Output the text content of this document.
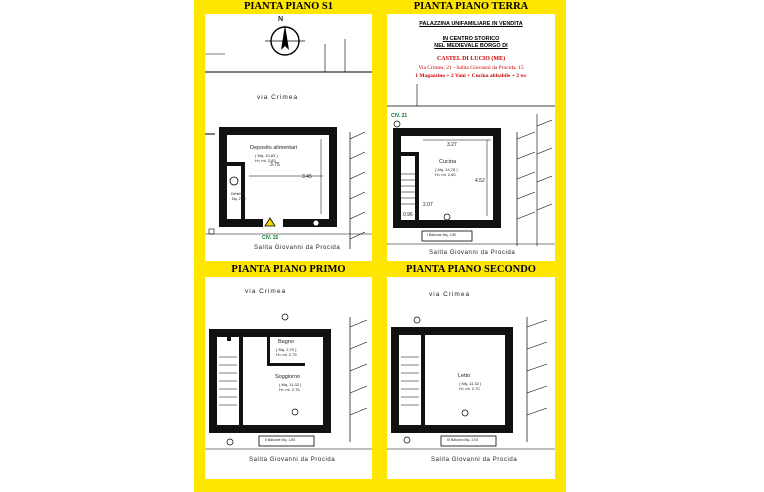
PIANTA PIANO S1
N
via Crimea
Deposito alimentari
( Mq. 10,83 )
H= ml. 2,83
3.75
3.45
Dehtrivai
Mq. 2,59
CIV. 15
Salita Giovanni da Procida
PIANTA PIANO TERRA
PALAZZINA UNIFAMILIARE IN VENDITA
IN CENTRO STORICO
NEL MEDIEVALE BORGO DI
CASTEL DI LUCIO (ME)
Via Crimea, 21 - Salita Giovanni da Procida, 15
1 Magazzino + 2 Vani + Cucina abitabile + 2 wc
CIV. 21
3.27
Cucina
( Mq. 14,78 )
H= ml. 2,60
4.52
2.07
0.96
I Balcone Mq. 1,80
Salita Giovanni da Procida
PIANTA PIANO PRIMO
via Crimea
Bagno
( Mq. 2,70 )
H= ml. 2,75
Soggiorno
( Mq. 11,32 )
H= ml. 2,75
II Balcone Mq. 1,80
Salita Giovanni da Procida
PIANTA PIANO SECONDO
via Crimea
Letto
( Mq. 11,32 )
H= ml. 2,70
III Balcone Mq. 2,04
Salita Giovanni da Procida
